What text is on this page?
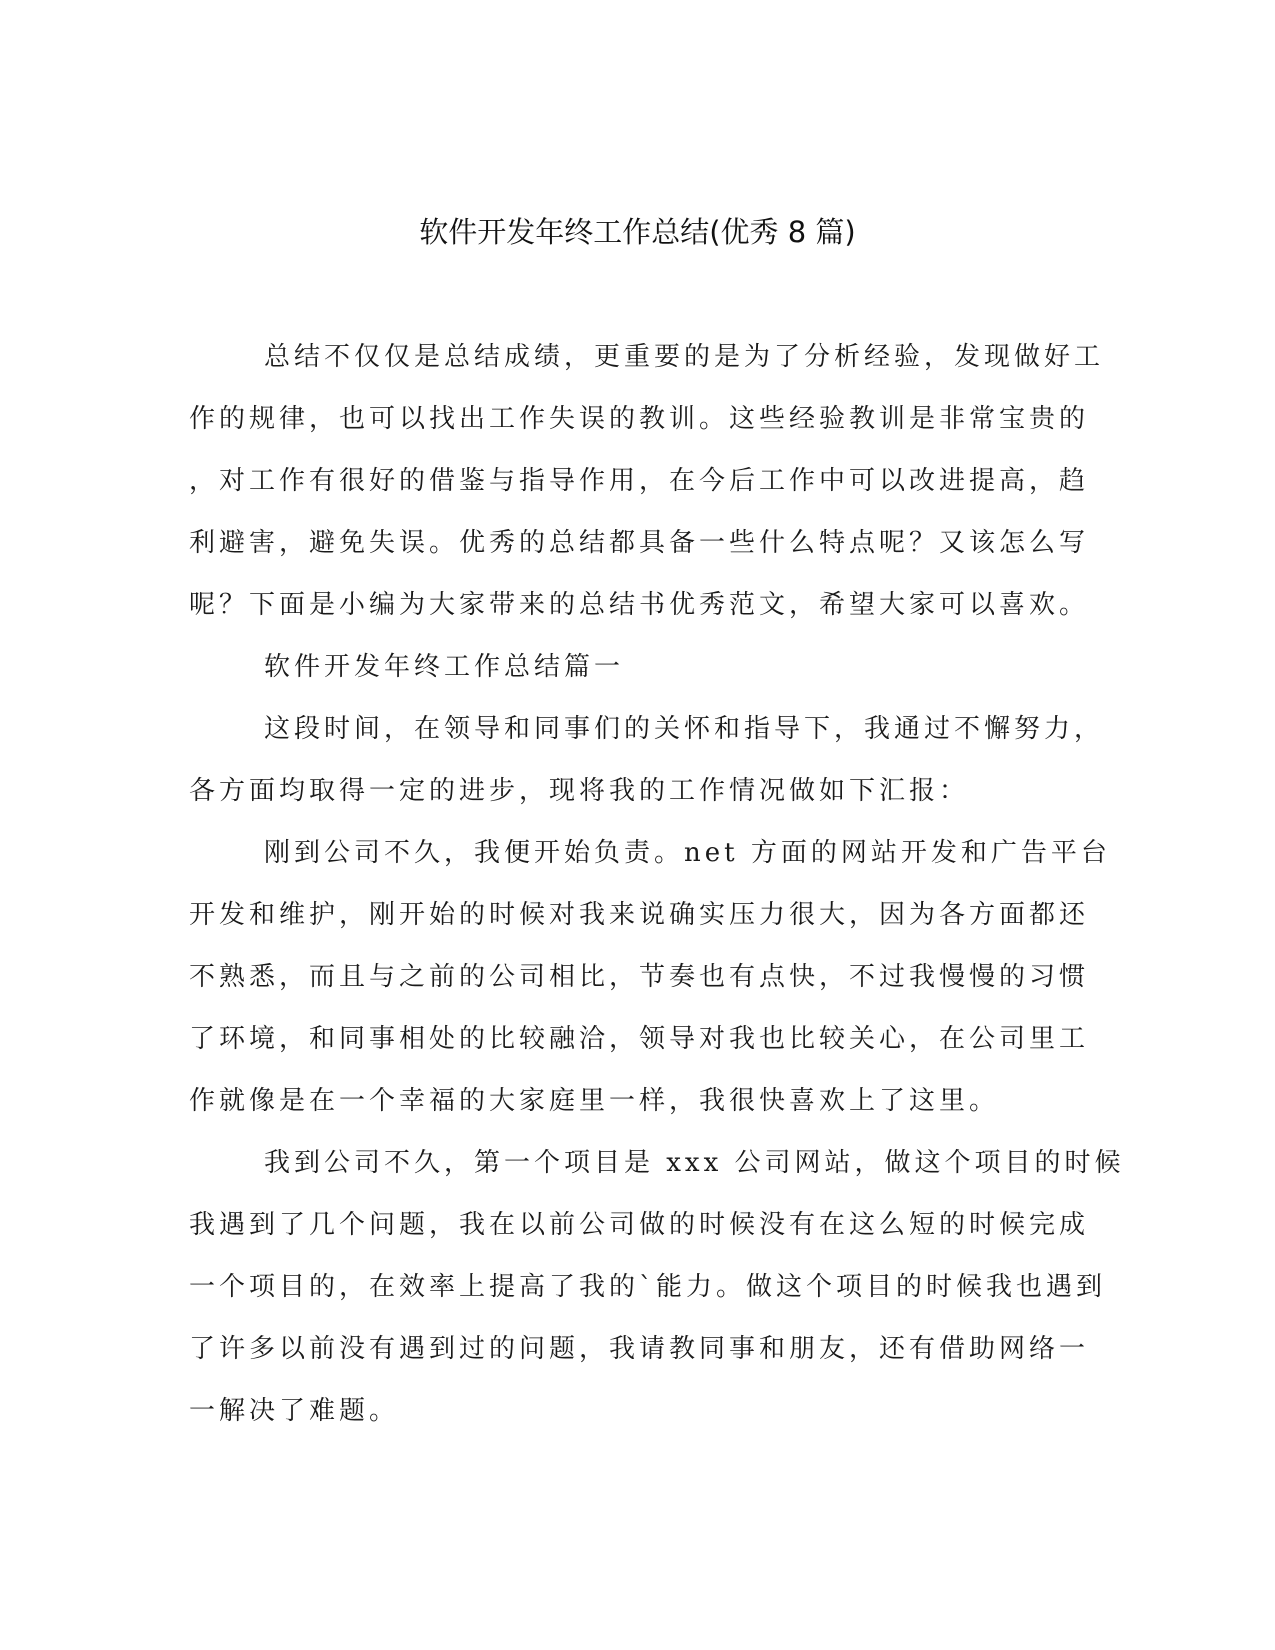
软件开发年终工作总结(优秀 8 篇)
总结不仅仅是总结成绩，更重要的是为了分析经验，发现做好工
作的规律，也可以找出工作失误的教训。这些经验教训是非常宝贵的
，对工作有很好的借鉴与指导作用，在今后工作中可以改进提高，趋
利避害，避免失误。优秀的总结都具备一些什么特点呢？又该怎么写
呢？下面是小编为大家带来的总结书优秀范文，希望大家可以喜欢。
软件开发年终工作总结篇一
这段时间，在领导和同事们的关怀和指导下，我通过不懈努力，
各方面均取得一定的进步，现将我的工作情况做如下汇报：
刚到公司不久，我便开始负责。net 方面的网站开发和广告平台
开发和维护，刚开始的时候对我来说确实压力很大，因为各方面都还
不熟悉，而且与之前的公司相比，节奏也有点快，不过我慢慢的习惯
了环境，和同事相处的比较融洽，领导对我也比较关心，在公司里工
作就像是在一个幸福的大家庭里一样，我很快喜欢上了这里。
我到公司不久，第一个项目是 xxx 公司网站，做这个项目的时候
我遇到了几个问题，我在以前公司做的时候没有在这么短的时候完成
一个项目的，在效率上提高了我的`能力。做这个项目的时候我也遇到
了许多以前没有遇到过的问题，我请教同事和朋友，还有借助网络一
一解决了难题。
